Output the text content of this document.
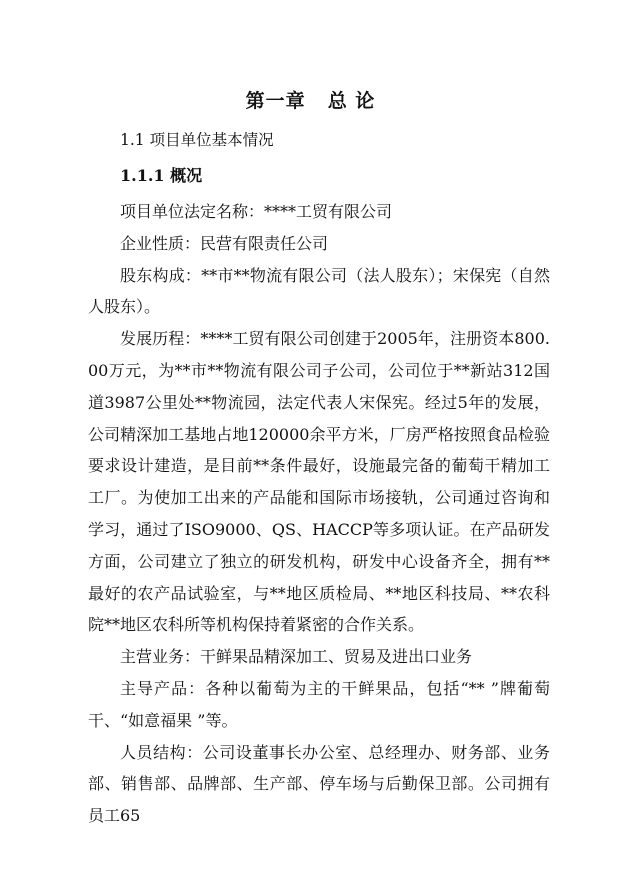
第一章 总 论
1.1 项目单位基本情况
1.1.1 概况

项目单位法定名称：****工贸有限公司

企业性质：民营有限责任公司

股东构成：**市**物流有限公司（法人股东）；宋保宪（自然人股东）。

发展历程：****工贸有限公司创建于2005年，注册资本800.00万元，为**市**物流有限公司子公司，公司位于**新站312国道3987公里处**物流园，法定代表人宋保宪。经过5年的发展，公司精深加工基地占地120000余平方米，厂房严格按照食品检验要求设计建造，是目前**条件最好，设施最完备的葡萄干精加工工厂。为使加工出来的产品能和国际市场接轨，公司通过咨询和学习，通过了ISO9000、QS、HACCP等多项认证。在产品研发方面，公司建立了独立的研发机构，研发中心设备齐全，拥有**最好的农产品试验室，与**地区质检局、**地区科技局、**农科院**地区农科所等机构保持着紧密的合作关系。

主营业务：干鲜果品精深加工、贸易及进出口业务

主导产品：各种以葡萄为主的干鲜果品，包括“** ”牌葡萄干、“如意福果 ”等。

人员结构：公司设董事长办公室、总经理办、财务部、业务部、销售部、品牌部、生产部、停车场与后勤保卫部。公司拥有员工65
